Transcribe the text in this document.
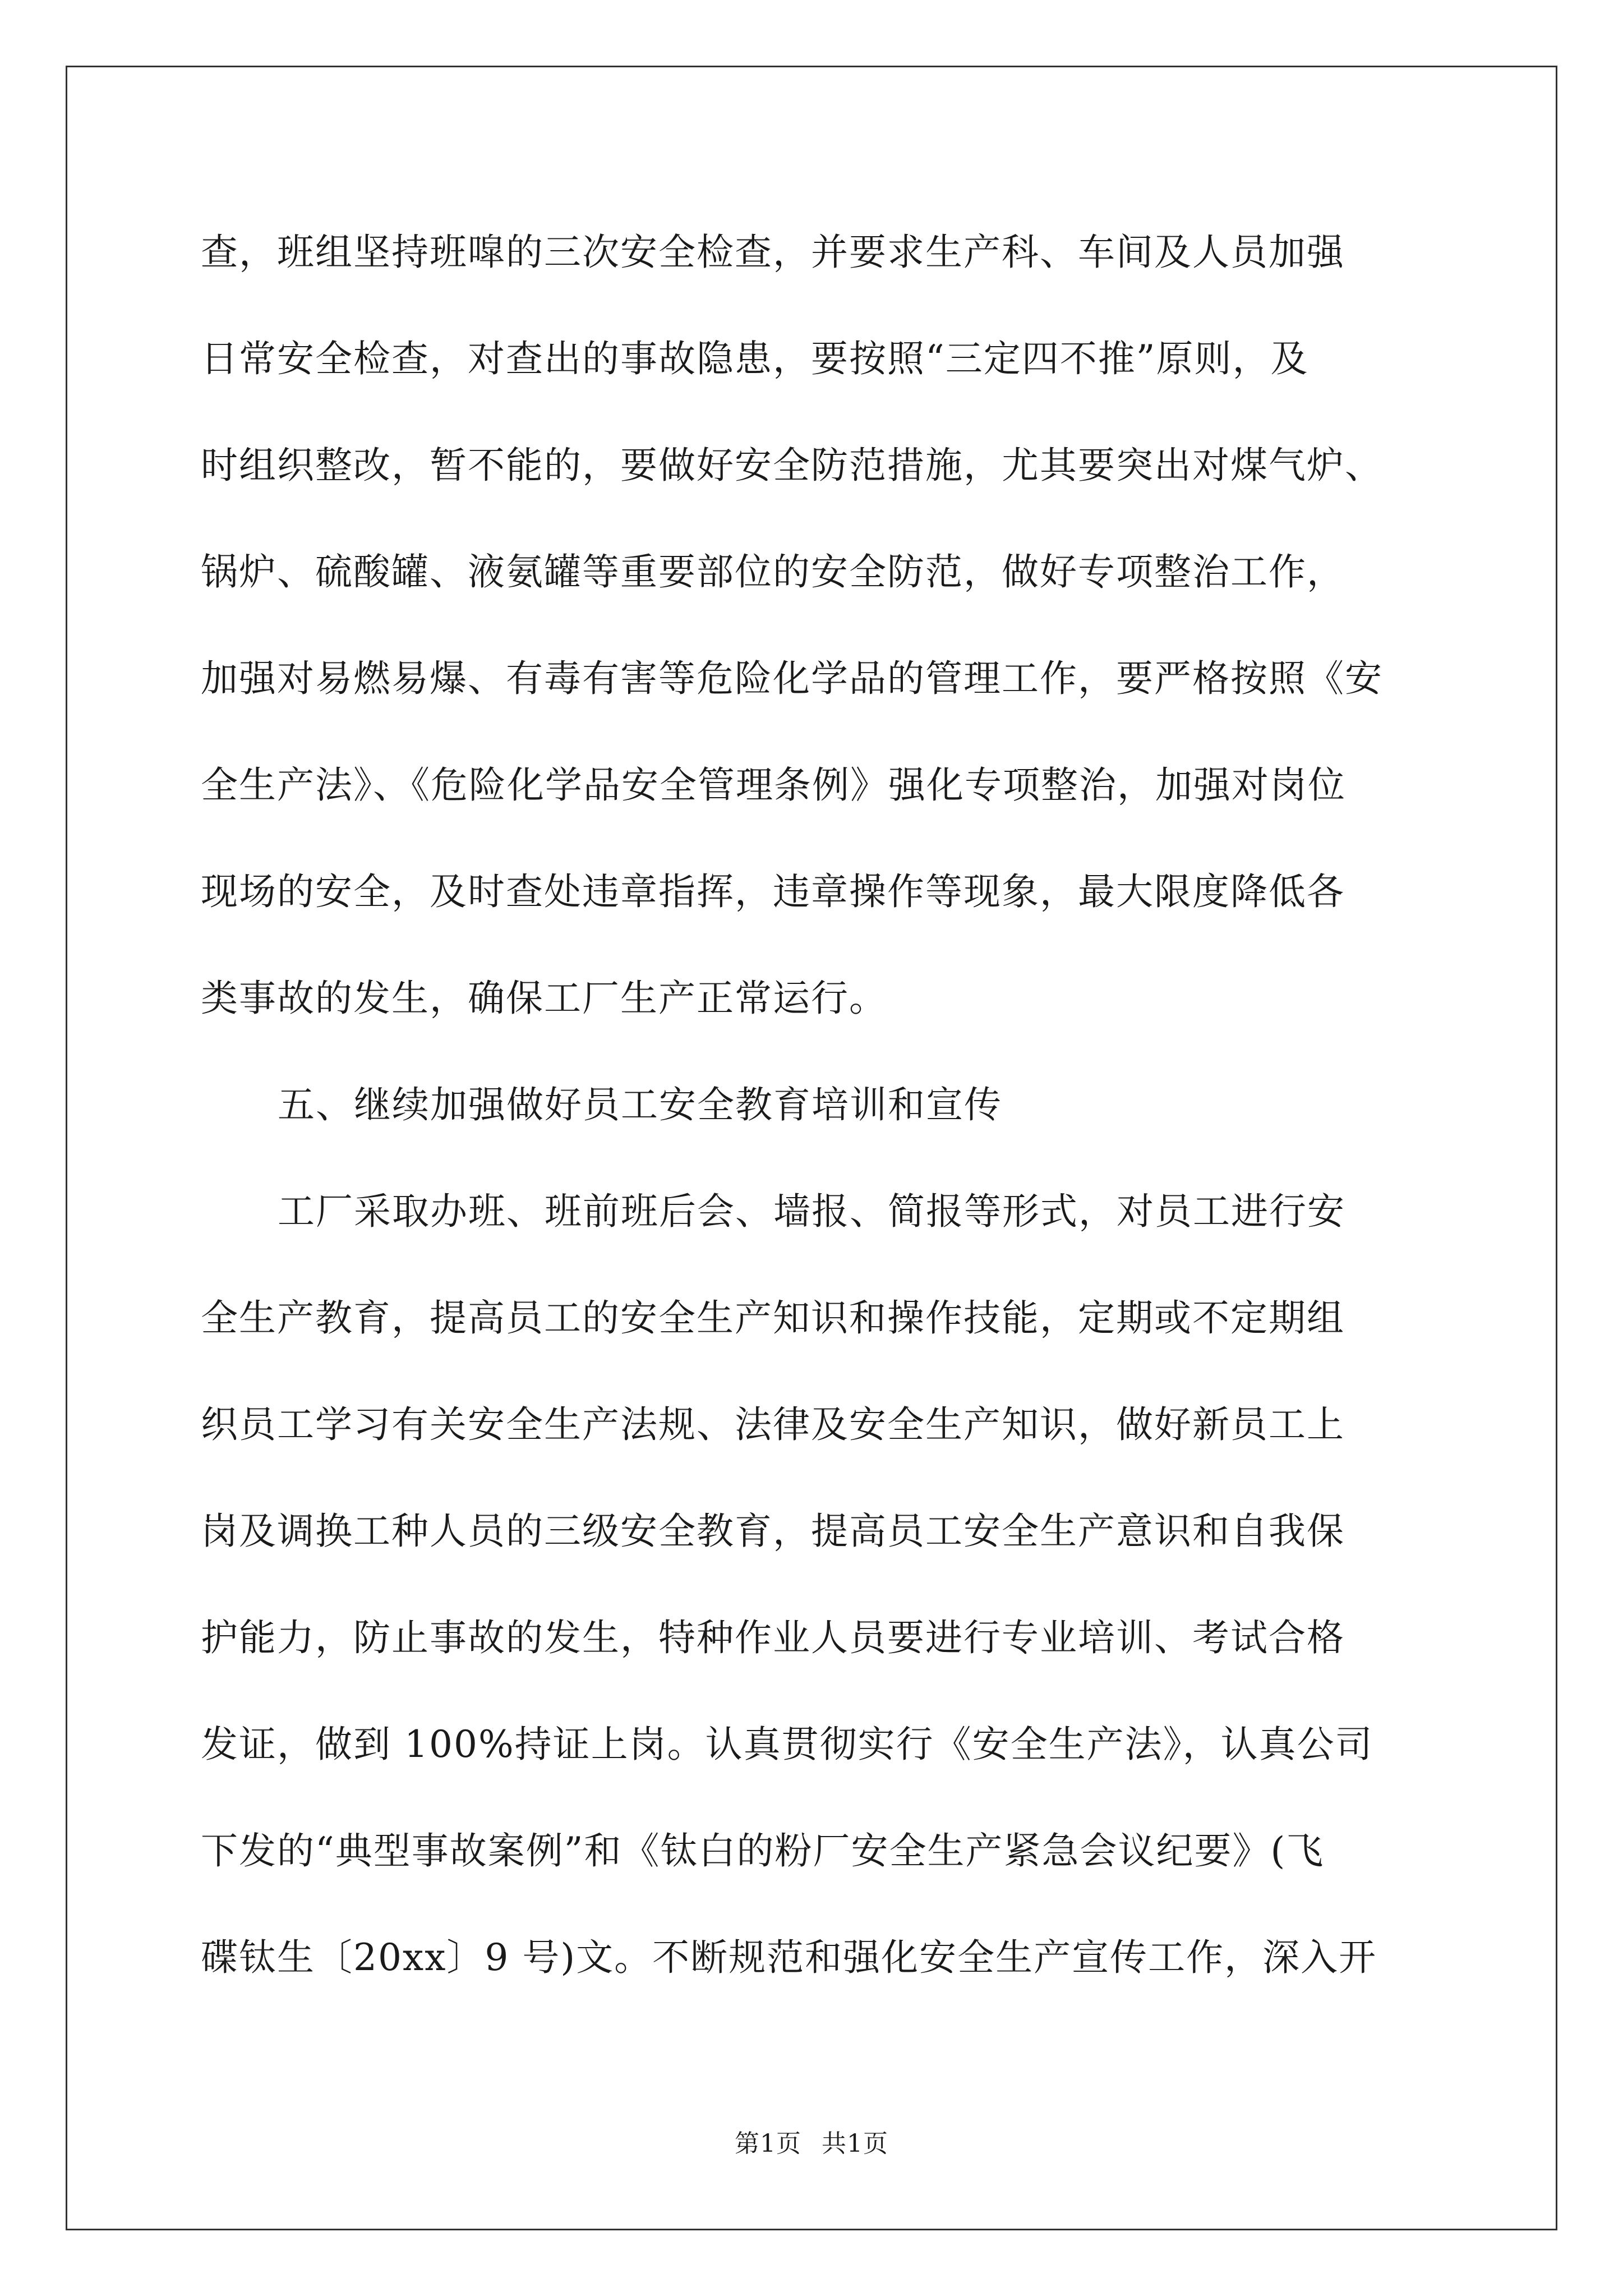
查，班组坚持班噑的三次安全检查，并要求生产科、车间及人员加强
日常安全检查，对查出的事故隐患，要按照“三定四不推”原则，及
时组织整改，暂不能的，要做好安全防范措施，尤其要突出对煤气炉、
锅炉、硫酸罐、液氨罐等重要部位的安全防范，做好专项整治工作，
加强对易燃易爆、有毒有害等危险化学品的管理工作，要严格按照《安
全生产法》、《危险化学品安全管理条例》强化专项整治，加强对岗位
现场的安全，及时查处违章指挥，违章操作等现象，最大限度降低各
类事故的发生，确保工厂生产正常运行。
五、继续加强做好员工安全教育培训和宣传
工厂采取办班、班前班后会、墙报、简报等形式，对员工进行安
全生产教育，提高员工的安全生产知识和操作技能，定期或不定期组
织员工学习有关安全生产法规、法律及安全生产知识，做好新员工上
岗及调换工种人员的三级安全教育，提高员工安全生产意识和自我保
护能力，防止事故的发生，特种作业人员要进行专业培训、考试合格
发证，做到 100%持证上岗。认真贯彻实行《安全生产法》，认真公司
下发的“典型事故案例”和《钛白的粉厂安全生产紧急会议纪要》(飞
碟钛生〔20xx〕9 号)文。不断规范和强化安全生产宣传工作，深入开
第1页 共1页
